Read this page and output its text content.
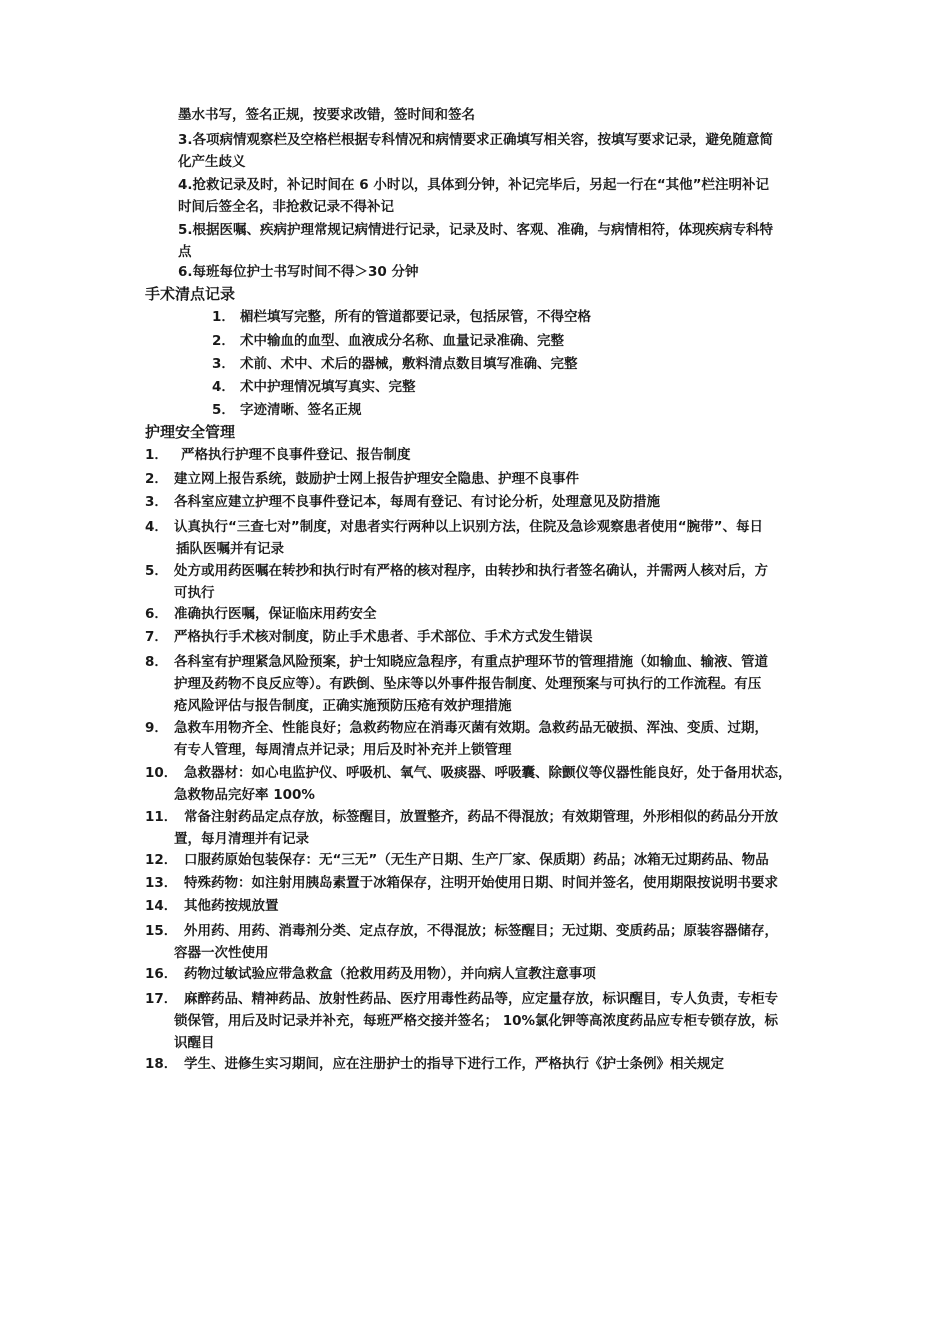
墨水书写，签名正规，按要求改错，签时间和签名
3.各项病情观察栏及空格栏根据专科情况和病情要求正确填写相关容，按填写要求记录，避免随意简
化产生歧义
4.抢救记录及时，补记时间在 6 小时以，具体到分钟，补记完毕后，另起一行在“其他”栏注明补记
时间后签全名，非抢救记录不得补记
5.根据医嘱、疾病护理常规记病情进行记录，记录及时、客观、准确，与病情相符，体现疾病专科特
点
6.每班每位护士书写时间不得＞30 分钟
手术清点记录
1． 楣栏填写完整，所有的管道都要记录，包括尿管，不得空格
2． 术中输血的血型、血液成分名称、血量记录准确、完整
3． 术前、术中、术后的器械，敷料清点数目填写准确、完整
4． 术中护理情况填写真实、完整
5． 字迹清晰、签名正规
护理安全管理
1． 严格执行护理不良事件登记、报告制度
2． 建立网上报告系统，鼓励护士网上报告护理安全隐患、护理不良事件
3． 各科室应建立护理不良事件登记本，每周有登记、有讨论分析，处理意见及防措施
4． 认真执行“三查七对”制度，对患者实行两种以上识别方法，住院及急诊观察患者使用“腕带”、每日
插队医嘱并有记录
5． 处方或用药医嘱在转抄和执行时有严格的核对程序，由转抄和执行者签名确认，并需两人核对后，方
可执行
6． 准确执行医嘱，保证临床用药安全
7． 严格执行手术核对制度，防止手术患者、手术部位、手术方式发生错误
8． 各科室有护理紧急风险预案，护士知晓应急程序，有重点护理环节的管理措施（如输血、输液、管道
护理及药物不良反应等）。有跌倒、坠床等以外事件报告制度、处理预案与可执行的工作流程。有压
疮风险评估与报告制度，正确实施预防压疮有效护理措施
9． 急救车用物齐全、性能良好；急救药物应在消毒灭菌有效期。急救药品无破损、浑浊、变质、过期，
有专人管理，每周清点并记录；用后及时补充并上锁管理
10． 急救器材：如心电监护仪、呼吸机、氧气、吸痰器、呼吸囊、除颤仪等仪器性能良好，处于备用状态，
急救物品完好率 100%
11． 常备注射药品定点存放，标签醒目，放置整齐，药品不得混放；有效期管理，外形相似的药品分开放
置，每月清理并有记录
12． 口服药原始包装保存：无“三无”（无生产日期、生产厂家、保质期）药品；冰箱无过期药品、物品
13． 特殊药物：如注射用胰岛素置于冰箱保存，注明开始使用日期、时间并签名，使用期限按说明书要求
14． 其他药按规放置
15． 外用药、用药、消毒剂分类、定点存放，不得混放；标签醒目；无过期、变质药品；原装容器储存，
容器一次性使用
16． 药物过敏试验应带急救盒（抢救用药及用物），并向病人宣教注意事项
17． 麻醉药品、精神药品、放射性药品、医疗用毒性药品等，应定量存放，标识醒目，专人负责，专柜专
锁保管，用后及时记录并补充，每班严格交接并签名； 10%氯化钾等高浓度药品应专柜专锁存放，标
识醒目
18． 学生、进修生实习期间，应在注册护士的指导下进行工作，严格执行《护士条例》相关规定
